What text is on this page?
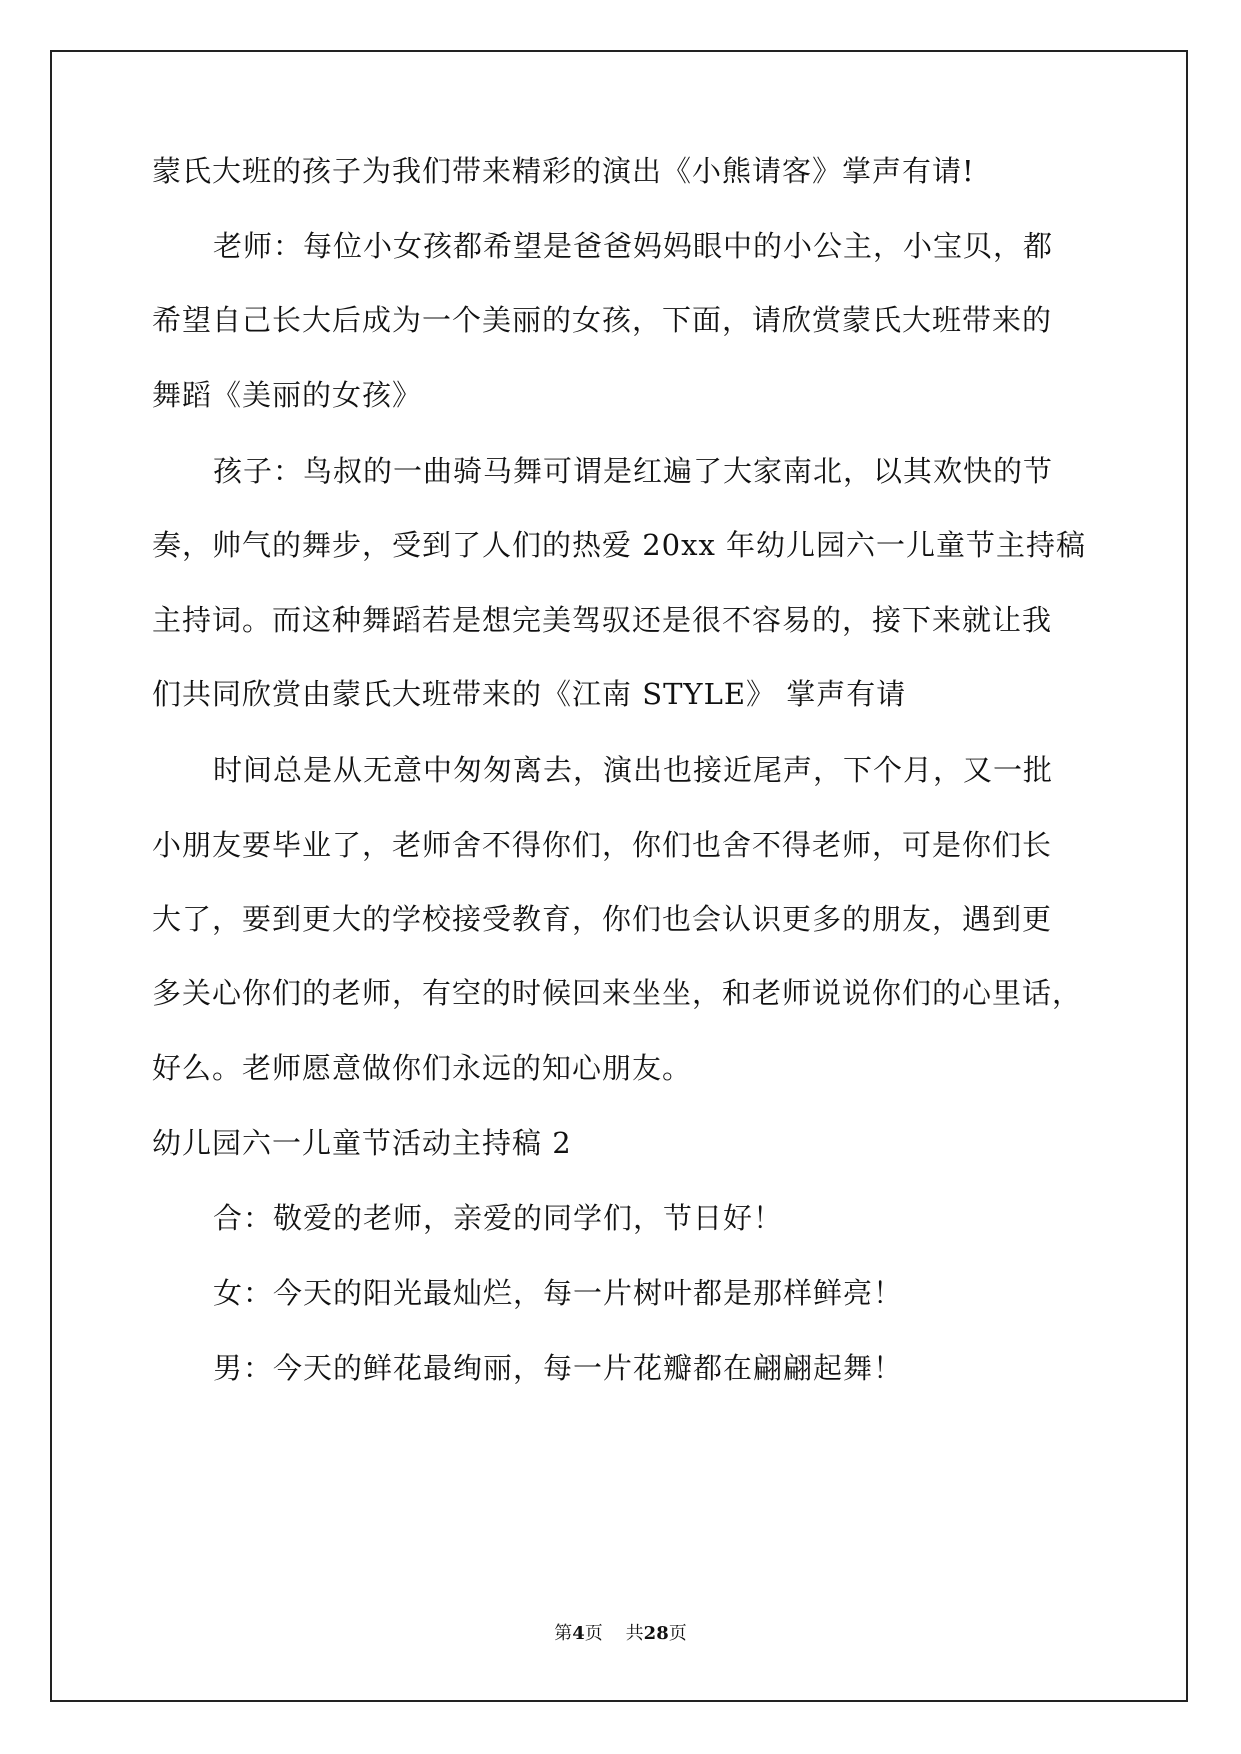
蒙氏大班的孩子为我们带来精彩的演出《小熊请客》掌声有请!
老师：每位小女孩都希望是爸爸妈妈眼中的小公主，小宝贝，都
希望自己长大后成为一个美丽的女孩，下面，请欣赏蒙氏大班带来的
舞蹈《美丽的女孩》
孩子：鸟叔的一曲骑马舞可谓是红遍了大家南北，以其欢快的节
奏，帅气的舞步，受到了人们的热爱 20xx 年幼儿园六一儿童节主持稿
主持词。而这种舞蹈若是想完美驾驭还是很不容易的，接下来就让我
们共同欣赏由蒙氏大班带来的《江南 STYLE》 掌声有请
时间总是从无意中匆匆离去，演出也接近尾声，下个月，又一批
小朋友要毕业了，老师舍不得你们，你们也舍不得老师，可是你们长
大了，要到更大的学校接受教育，你们也会认识更多的朋友，遇到更
多关心你们的老师，有空的时候回来坐坐，和老师说说你们的心里话，
好么。老师愿意做你们永远的知心朋友。
幼儿园六一儿童节活动主持稿 2
合：敬爱的老师，亲爱的同学们，节日好！
女：今天的阳光最灿烂，每一片树叶都是那样鲜亮！
男：今天的鲜花最绚丽，每一片花瓣都在翩翩起舞！
第4页 共28页
